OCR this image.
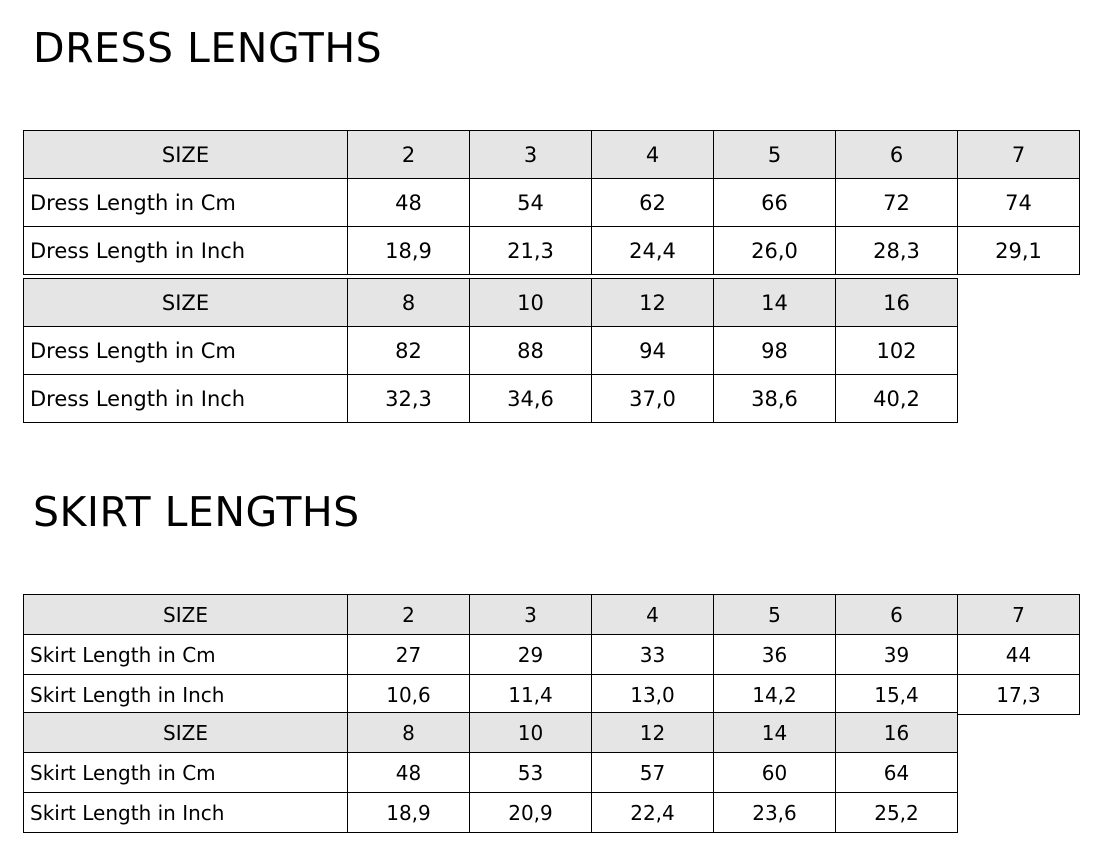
DRESS LENGTHS
SIZE	2	3	4	5	6	7
Dress Length in Cm	48	54	62	66	72	74
Dress Length in Inch	18,9	21,3	24,4	26,0	28,3	29,1
SIZE	8	10	12	14	16
Dress Length in Cm	82	88	94	98	102
Dress Length in Inch	32,3	34,6	37,0	38,6	40,2
SKIRT LENGTHS
SIZE	2	3	4	5	6	7
Skirt Length in Cm	27	29	33	36	39	44
Skirt Length in Inch	10,6	11,4	13,0	14,2	15,4	17,3
SIZE	8	10	12	14	16
Skirt Length in Cm	48	53	57	60	64
Skirt Length in Inch	18,9	20,9	22,4	23,6	25,2
